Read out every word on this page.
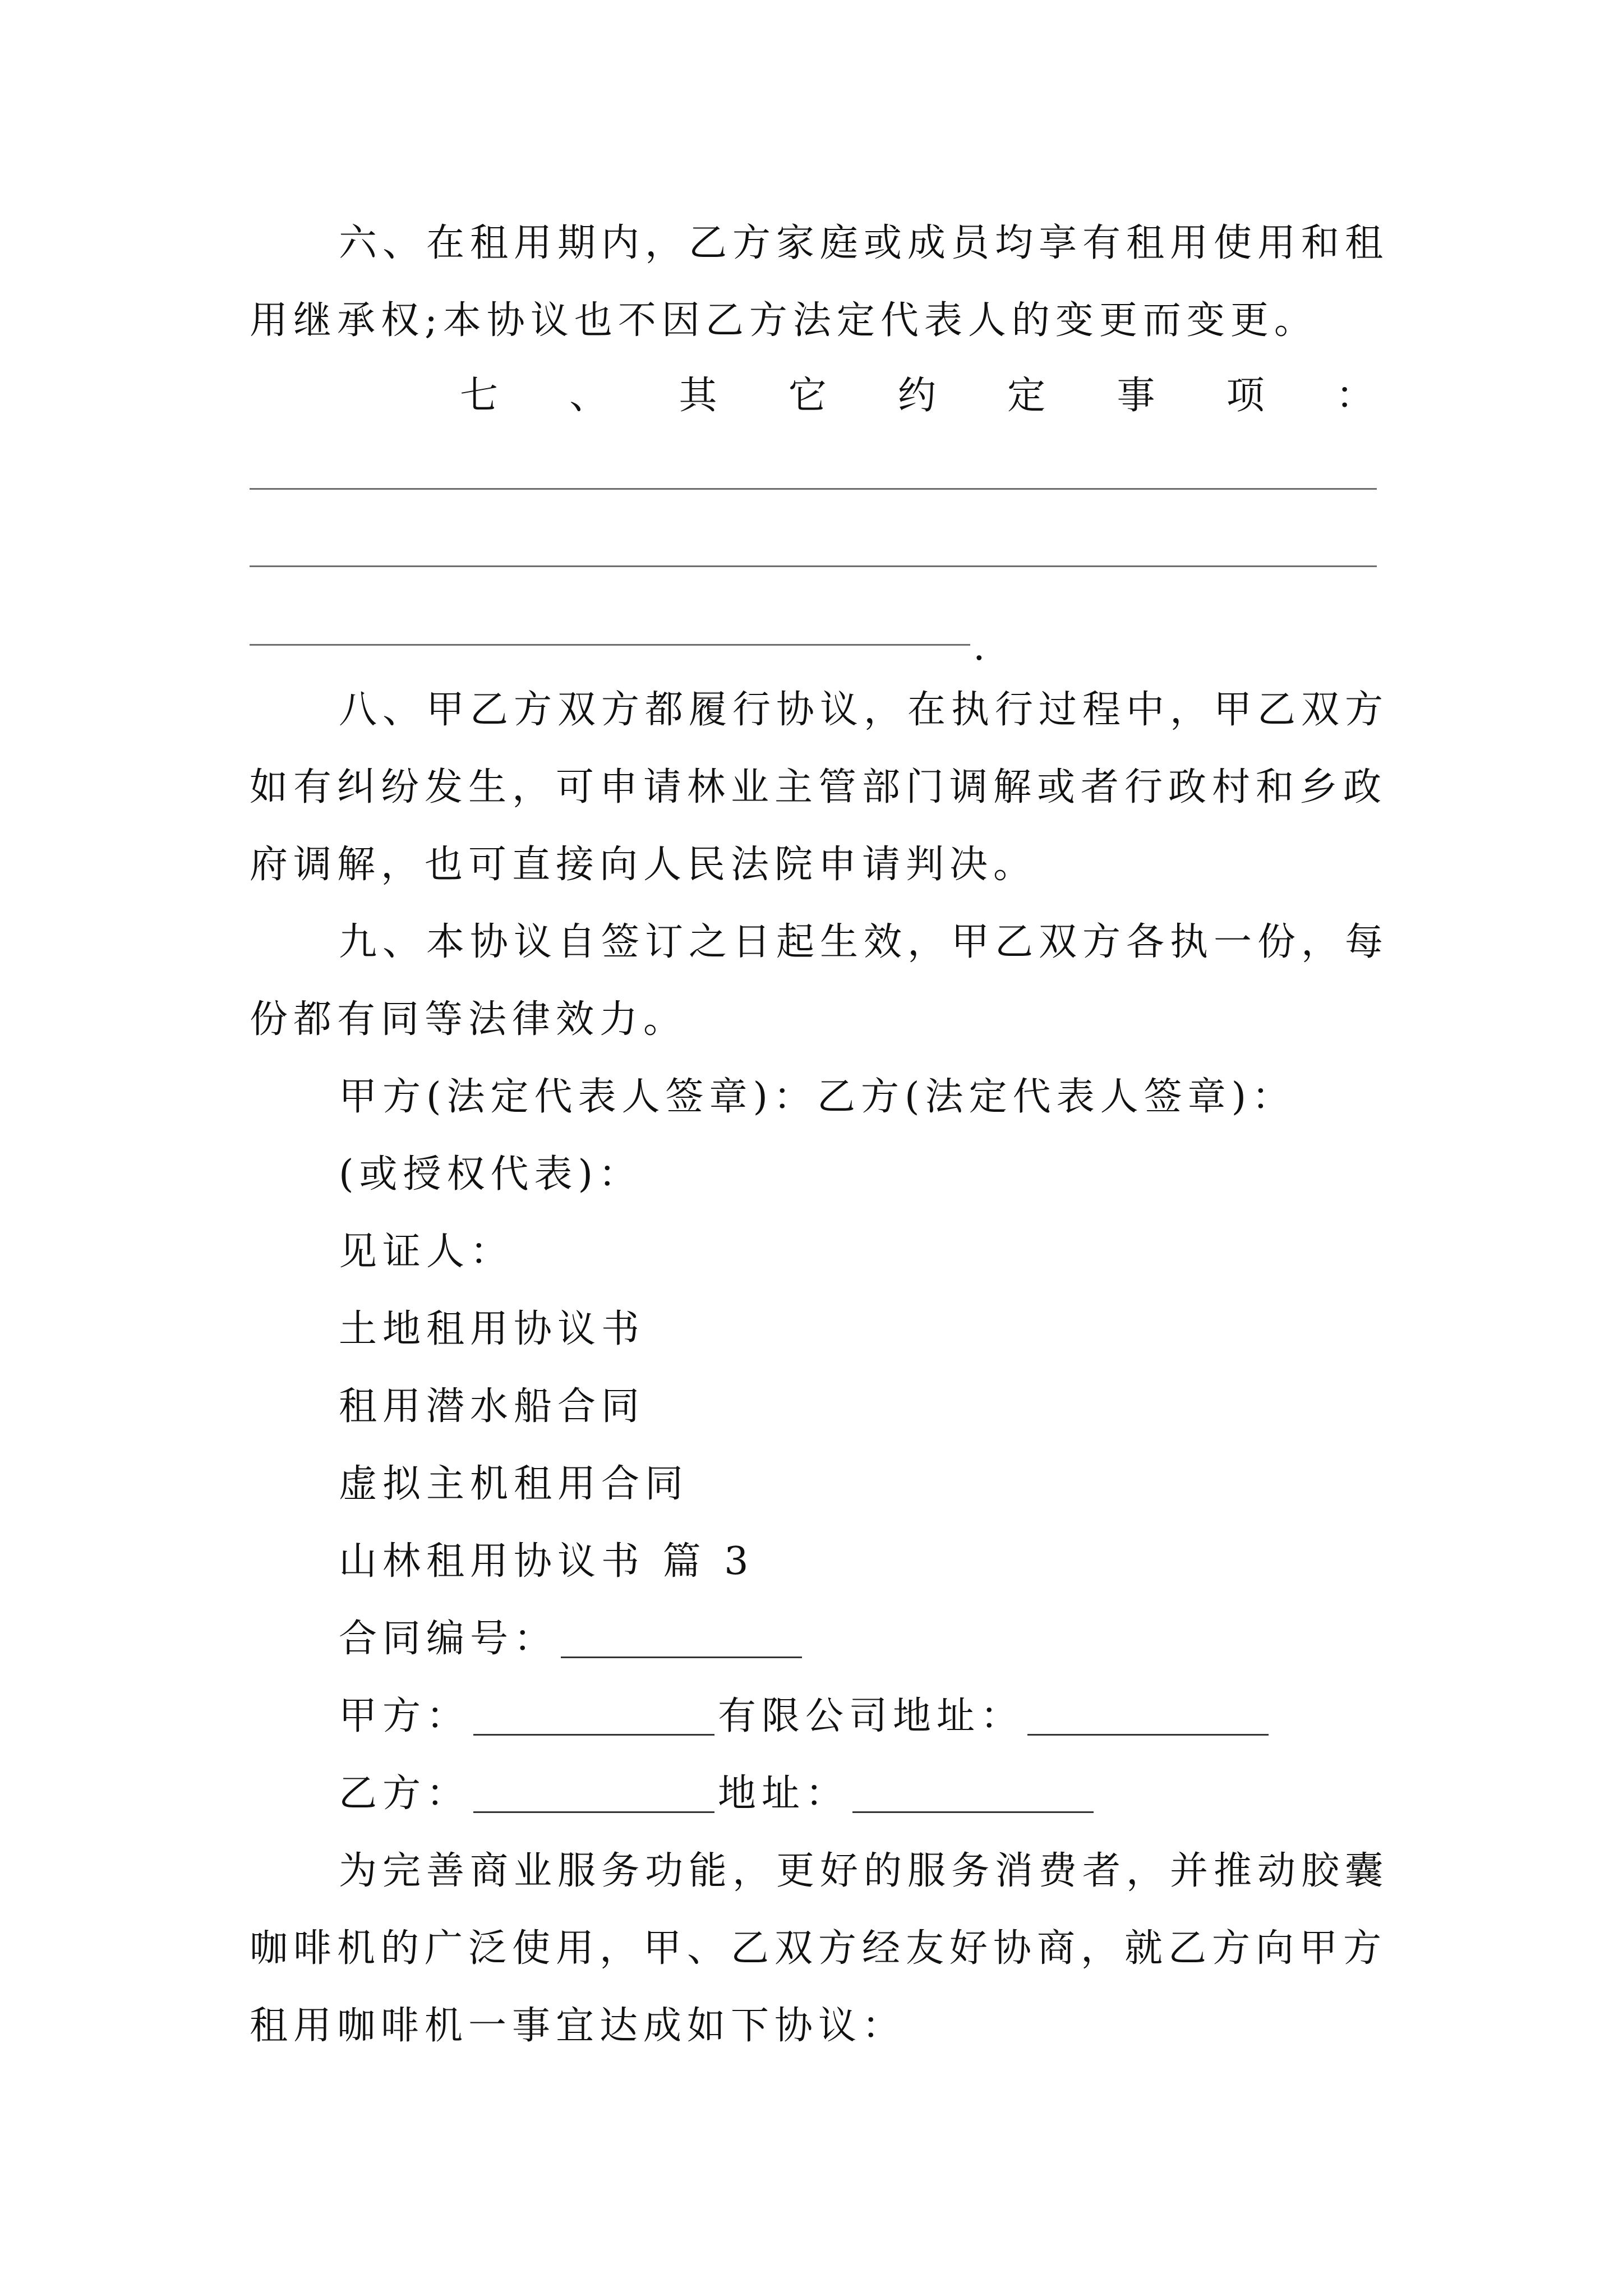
六、在租用期内，乙方家庭或成员均享有租用使用和租
用继承权;本协议也不因乙方法定代表人的变更而变更。
七 、 其 它 约 定 事 项 ：
.
八、甲乙方双方都履行协议，在执行过程中，甲乙双方
如有纠纷发生，可申请林业主管部门调解或者行政村和乡政
府调解，也可直接向人民法院申请判决。
九、本协议自签订之日起生效，甲乙双方各执一份，每
份都有同等法律效力。
甲方(法定代表人签章)：乙方(法定代表人签章)：
(或授权代表)：
见证人：
土地租用协议书
租用潜水船合同
虚拟主机租用合同
山林租用协议书 篇 3
合同编号：
甲方：	有限公司地址：
乙方：	地址：
为完善商业服务功能，更好的服务消费者，并推动胶囊
咖啡机的广泛使用，甲、乙双方经友好协商，就乙方向甲方
租用咖啡机一事宜达成如下协议：
